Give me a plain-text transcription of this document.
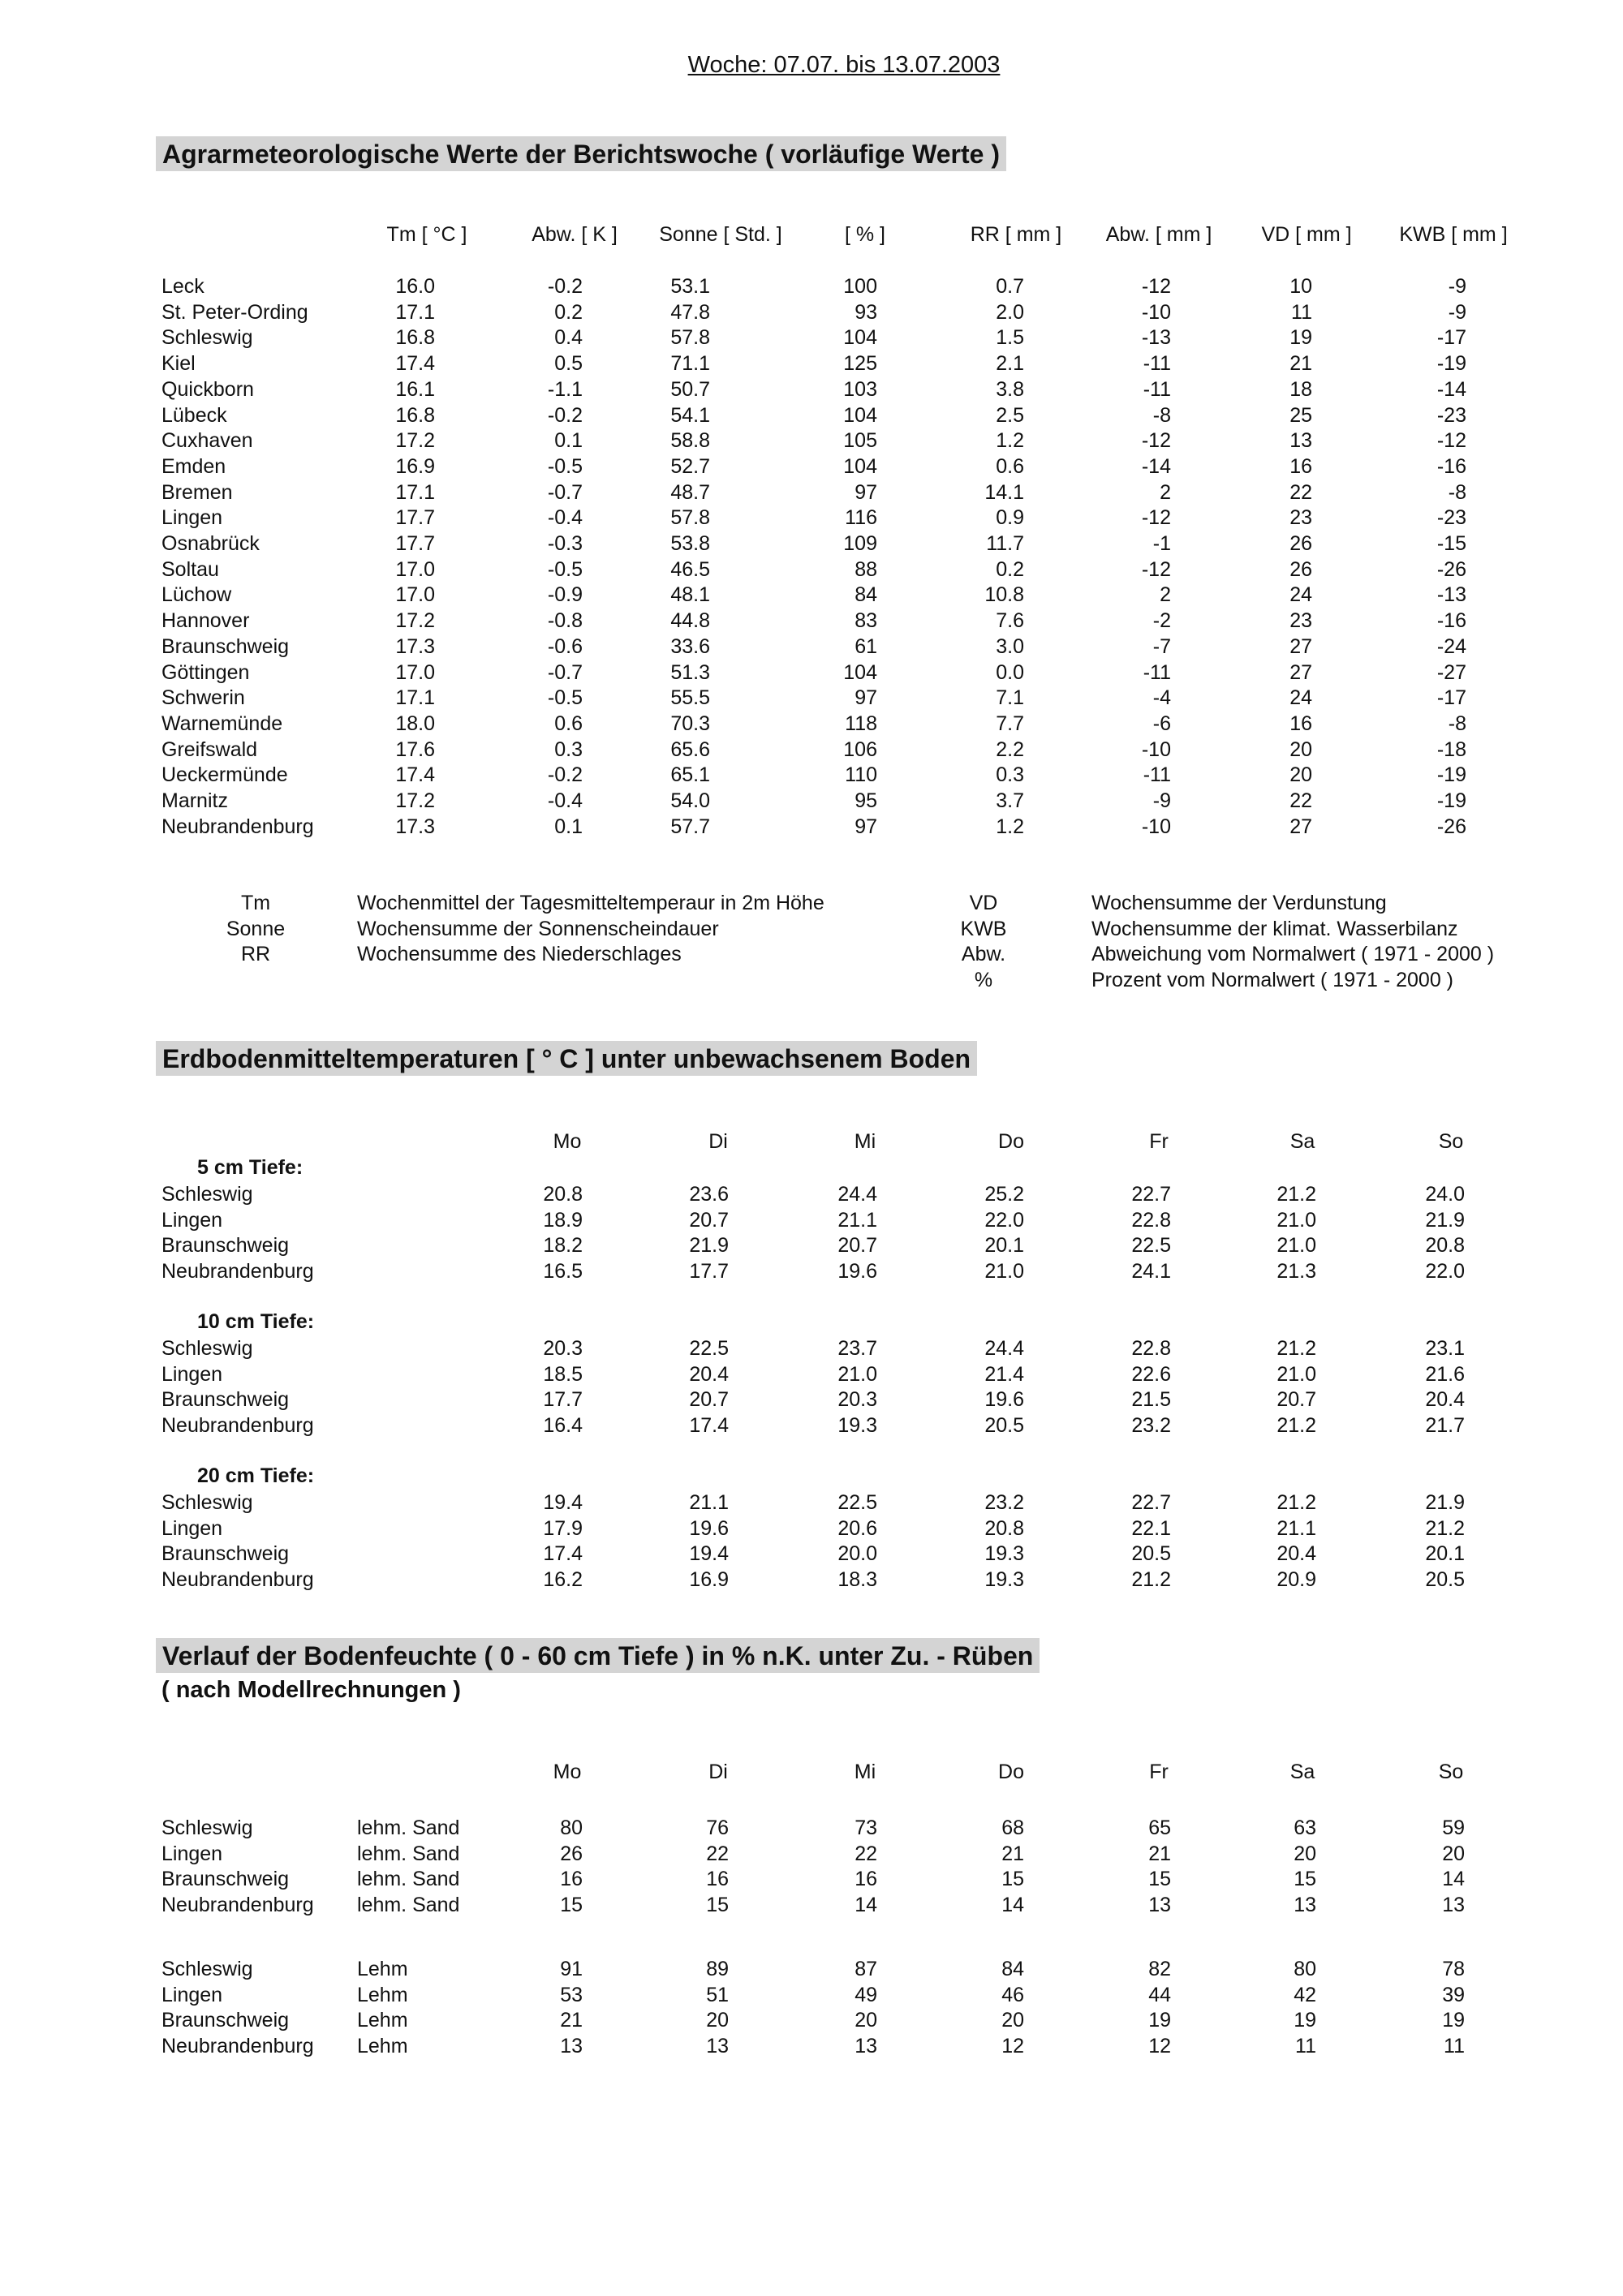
Woche: 07.07. bis 13.07.2003
Agrarmeteorologische Werte der Berichtswoche ( vorläufige Werte )
Tm [ °C ]	Abw. [ K ]	Sonne [ Std. ]	[ % ]	RR [ mm ]	Abw. [ mm ]	VD [ mm ]	KWB [ mm ]
Leck	16.0	-0.2	53.1	100	0.7	-12	10	-9
St. Peter-Ording	17.1	0.2	47.8	93	2.0	-10	11	-9
Schleswig	16.8	0.4	57.8	104	1.5	-13	19	-17
Kiel	17.4	0.5	71.1	125	2.1	-11	21	-19
Quickborn	16.1	-1.1	50.7	103	3.8	-11	18	-14
Lübeck	16.8	-0.2	54.1	104	2.5	-8	25	-23
Cuxhaven	17.2	0.1	58.8	105	1.2	-12	13	-12
Emden	16.9	-0.5	52.7	104	0.6	-14	16	-16
Bremen	17.1	-0.7	48.7	97	14.1	2	22	-8
Lingen	17.7	-0.4	57.8	116	0.9	-12	23	-23
Osnabrück	17.7	-0.3	53.8	109	11.7	-1	26	-15
Soltau	17.0	-0.5	46.5	88	0.2	-12	26	-26
Lüchow	17.0	-0.9	48.1	84	10.8	2	24	-13
Hannover	17.2	-0.8	44.8	83	7.6	-2	23	-16
Braunschweig	17.3	-0.6	33.6	61	3.0	-7	27	-24
Göttingen	17.0	-0.7	51.3	104	0.0	-11	27	-27
Schwerin	17.1	-0.5	55.5	97	7.1	-4	24	-17
Warnemünde	18.0	0.6	70.3	118	7.7	-6	16	-8
Greifswald	17.6	0.3	65.6	106	2.2	-10	20	-18
Ueckermünde	17.4	-0.2	65.1	110	0.3	-11	20	-19
Marnitz	17.2	-0.4	54.0	95	3.7	-9	22	-19
Neubrandenburg	17.3	0.1	57.7	97	1.2	-10	27	-26
Tm	Wochenmittel der Tagesmitteltemperaur in 2m Höhe
Sonne	Wochensumme der Sonnenscheindauer
RR	Wochensumme des Niederschlages
VD	Wochensumme der Verdunstung
KWB	Wochensumme der klimat. Wasserbilanz
Abw.	Abweichung vom Normalwert ( 1971 - 2000 )
%	Prozent vom Normalwert ( 1971 - 2000 )
Erdbodenmitteltemperaturen [ ° C ] unter unbewachsenem Boden
Mo	Di	Mi	Do	Fr	Sa	So
5 cm Tiefe:
Schleswig	20.8	23.6	24.4	25.2	22.7	21.2	24.0
Lingen	18.9	20.7	21.1	22.0	22.8	21.0	21.9
Braunschweig	18.2	21.9	20.7	20.1	22.5	21.0	20.8
Neubrandenburg	16.5	17.7	19.6	21.0	24.1	21.3	22.0
10 cm Tiefe:
Schleswig	20.3	22.5	23.7	24.4	22.8	21.2	23.1
Lingen	18.5	20.4	21.0	21.4	22.6	21.0	21.6
Braunschweig	17.7	20.7	20.3	19.6	21.5	20.7	20.4
Neubrandenburg	16.4	17.4	19.3	20.5	23.2	21.2	21.7
20 cm Tiefe:
Schleswig	19.4	21.1	22.5	23.2	22.7	21.2	21.9
Lingen	17.9	19.6	20.6	20.8	22.1	21.1	21.2
Braunschweig	17.4	19.4	20.0	19.3	20.5	20.4	20.1
Neubrandenburg	16.2	16.9	18.3	19.3	21.2	20.9	20.5
Verlauf der Bodenfeuchte ( 0 - 60 cm Tiefe ) in % n.K. unter Zu. - Rüben
( nach Modellrechnungen )
Mo	Di	Mi	Do	Fr	Sa	So
Schleswig	lehm. Sand	80	76	73	68	65	63	59
Lingen	lehm. Sand	26	22	22	21	21	20	20
Braunschweig	lehm. Sand	16	16	16	15	15	15	14
Neubrandenburg lehm. Sand	15	15	14	14	13	13	13
Schleswig	Lehm	91	89	87	84	82	80	78
Lingen	Lehm	53	51	49	46	44	42	39
Braunschweig	Lehm	21	20	20	20	19	19	19
Neubrandenburg Lehm	13	13	13	12	12	11	11
